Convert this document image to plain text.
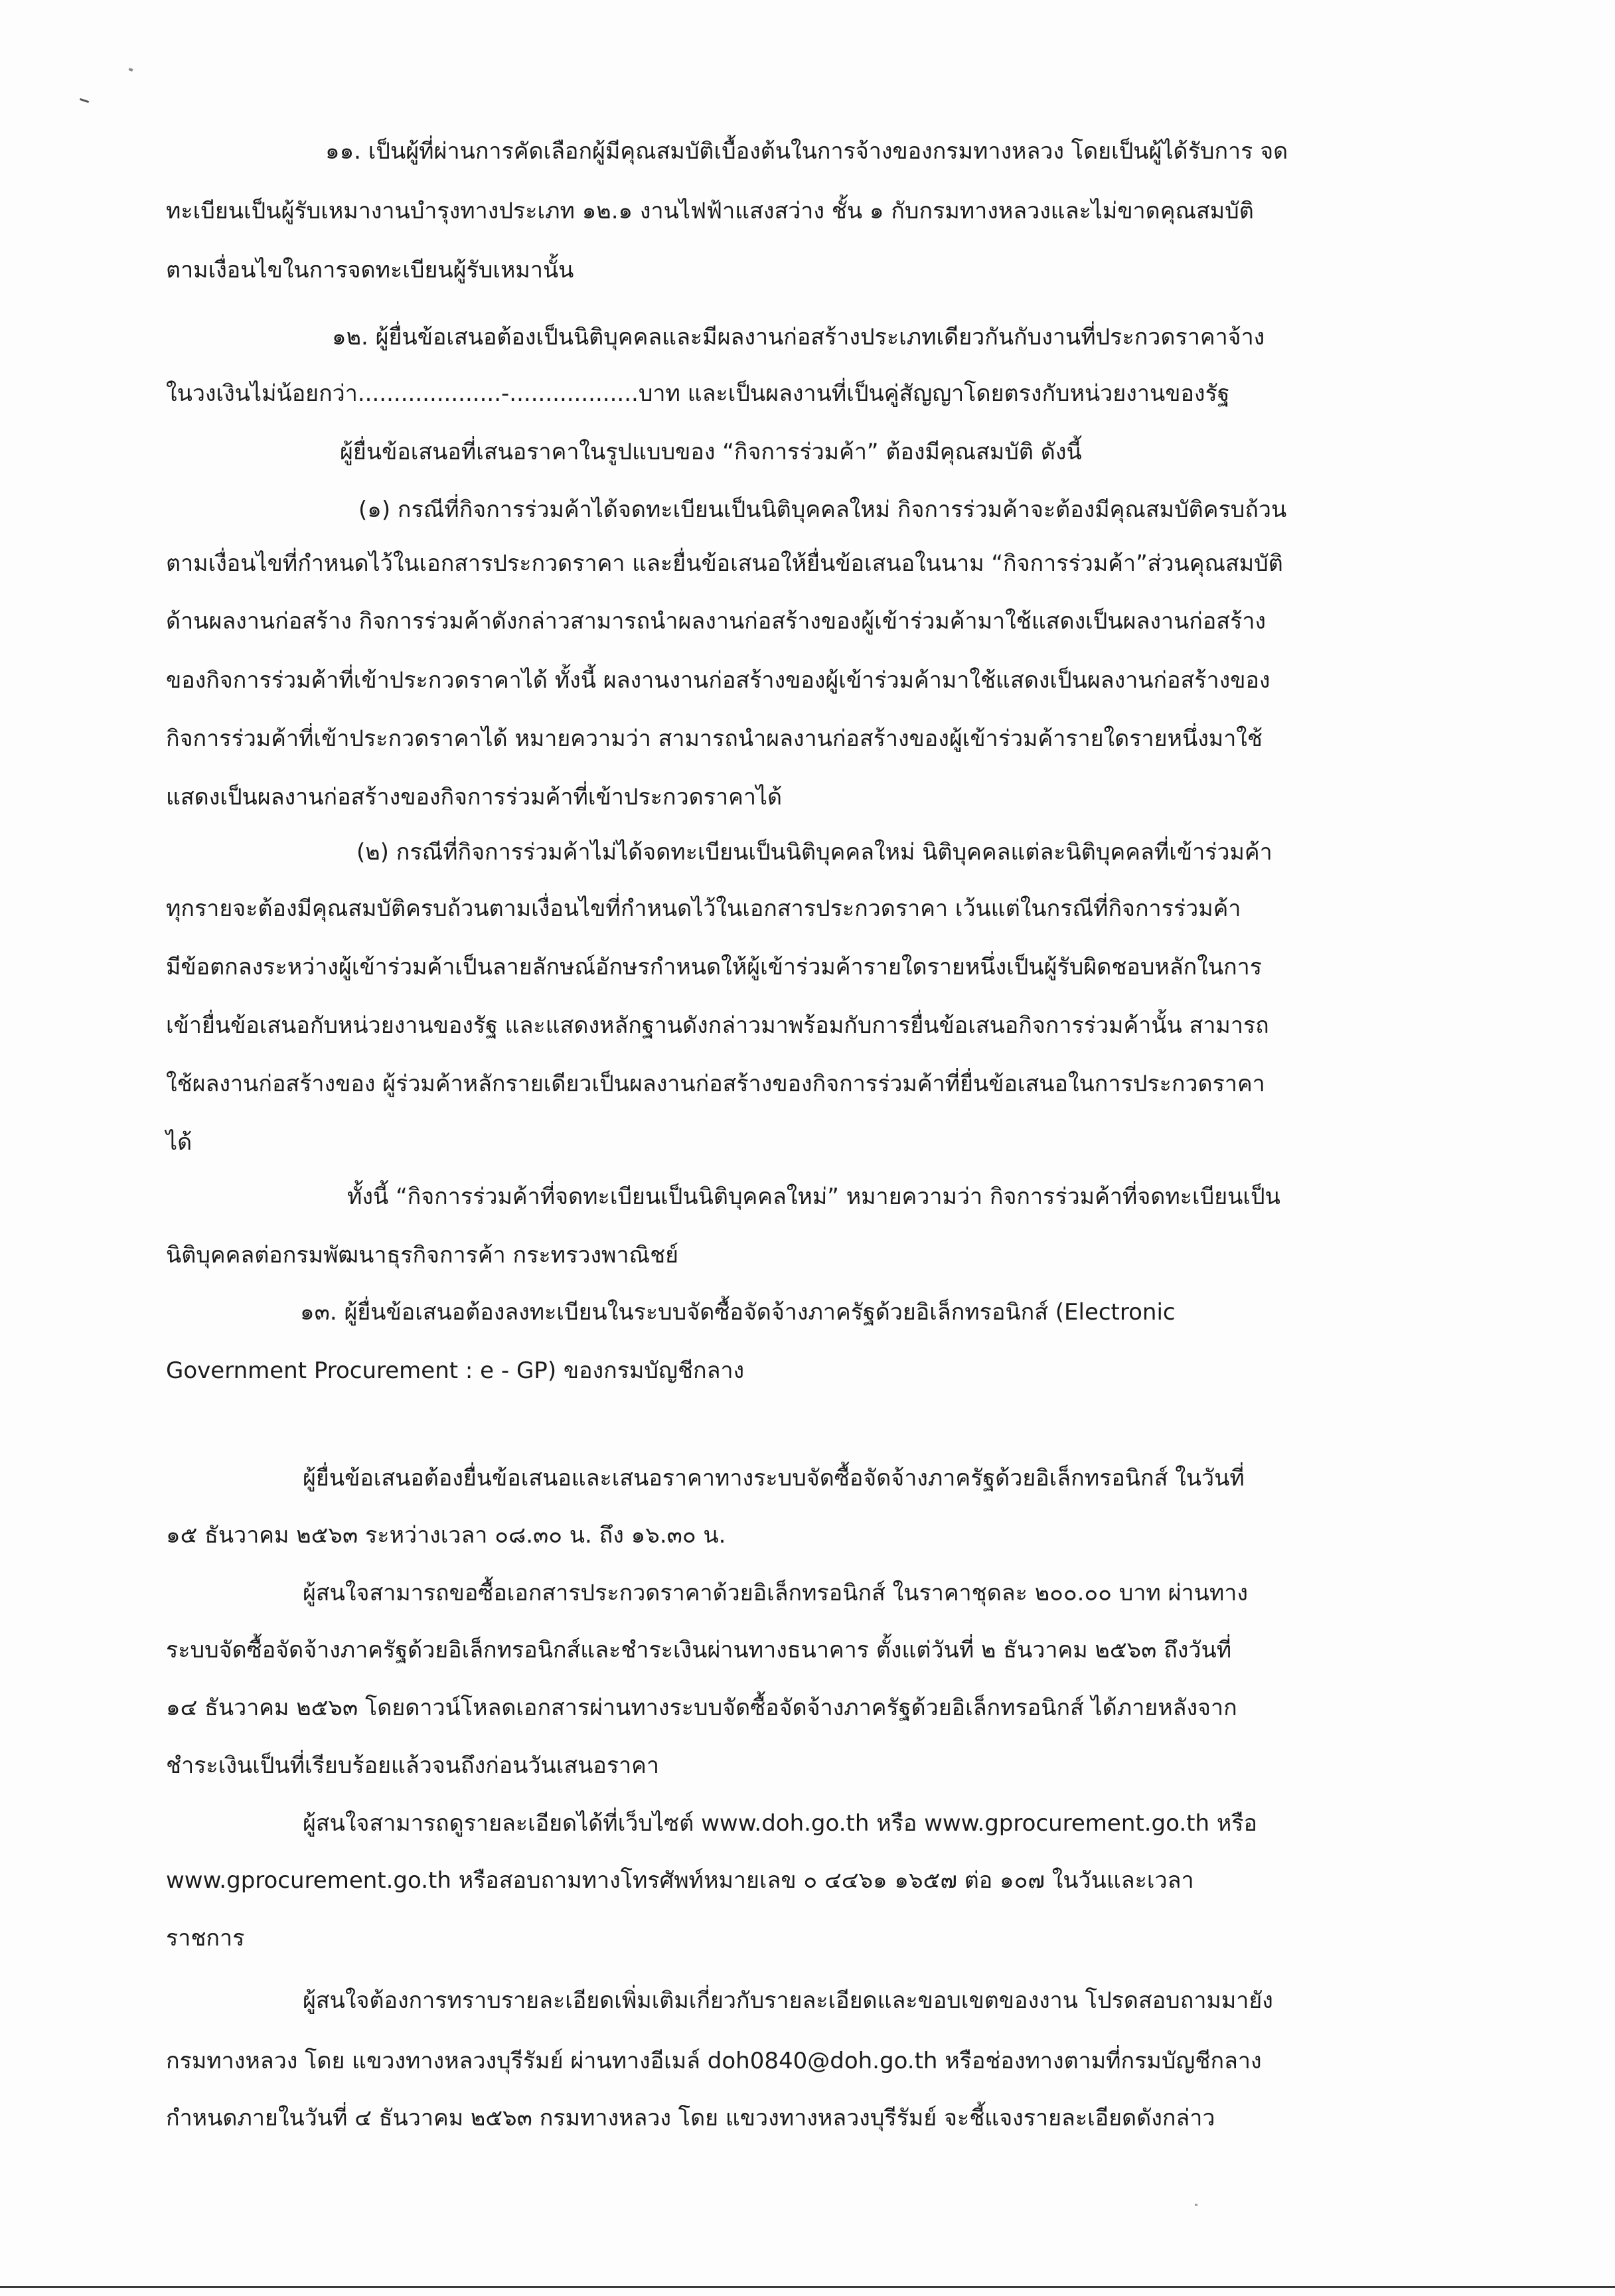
๑๑. เป็นผู้ที่ผ่านการคัดเลือกผู้มีคุณสมบัติเบื้องต้นในการจ้างของกรมทางหลวง โดยเป็นผู้ได้รับการ จด
ทะเบียนเป็นผู้รับเหมางานบำรุงทางประเภท ๑๒.๑ งานไฟฟ้าแสงสว่าง ชั้น ๑ กับกรมทางหลวงและไม่ขาดคุณสมบัติ
ตามเงื่อนไขในการจดทะเบียนผู้รับเหมานั้น
๑๒. ผู้ยื่นข้อเสนอต้องเป็นนิติบุคคลและมีผลงานก่อสร้างประเภทเดียวกันกับงานที่ประกวดราคาจ้าง
ในวงเงินไม่น้อยกว่า....................-..................บาท และเป็นผลงานที่เป็นคู่สัญญาโดยตรงกับหน่วยงานของรัฐ
ผู้ยื่นข้อเสนอที่เสนอราคาในรูปแบบของ “กิจการร่วมค้า” ต้องมีคุณสมบัติ ดังนี้
(๑) กรณีที่กิจการร่วมค้าได้จดทะเบียนเป็นนิติบุคคลใหม่ กิจการร่วมค้าจะต้องมีคุณสมบัติครบถ้วน
ตามเงื่อนไขที่กำหนดไว้ในเอกสารประกวดราคา และยื่นข้อเสนอให้ยื่นข้อเสนอในนาม “กิจการร่วมค้า”ส่วนคุณสมบัติ
ด้านผลงานก่อสร้าง กิจการร่วมค้าดังกล่าวสามารถนำผลงานก่อสร้างของผู้เข้าร่วมค้ามาใช้แสดงเป็นผลงานก่อสร้าง
ของกิจการร่วมค้าที่เข้าประกวดราคาได้ ทั้งนี้ ผลงานงานก่อสร้างของผู้เข้าร่วมค้ามาใช้แสดงเป็นผลงานก่อสร้างของ
กิจการร่วมค้าที่เข้าประกวดราคาได้ หมายความว่า สามารถนำผลงานก่อสร้างของผู้เข้าร่วมค้ารายใดรายหนึ่งมาใช้
แสดงเป็นผลงานก่อสร้างของกิจการร่วมค้าที่เข้าประกวดราคาได้
(๒) กรณีที่กิจการร่วมค้าไม่ได้จดทะเบียนเป็นนิติบุคคลใหม่ นิติบุคคลแต่ละนิติบุคคลที่เข้าร่วมค้า
ทุกรายจะต้องมีคุณสมบัติครบถ้วนตามเงื่อนไขที่กำหนดไว้ในเอกสารประกวดราคา เว้นแต่ในกรณีที่กิจการร่วมค้า
มีข้อตกลงระหว่างผู้เข้าร่วมค้าเป็นลายลักษณ์อักษรกำหนดให้ผู้เข้าร่วมค้ารายใดรายหนึ่งเป็นผู้รับผิดชอบหลักในการ
เข้ายื่นข้อเสนอกับหน่วยงานของรัฐ และแสดงหลักฐานดังกล่าวมาพร้อมกับการยื่นข้อเสนอกิจการร่วมค้านั้น สามารถ
ใช้ผลงานก่อสร้างของ ผู้ร่วมค้าหลักรายเดียวเป็นผลงานก่อสร้างของกิจการร่วมค้าที่ยื่นข้อเสนอในการประกวดราคา
ได้
ทั้งนี้ “กิจการร่วมค้าที่จดทะเบียนเป็นนิติบุคคลใหม่” หมายความว่า กิจการร่วมค้าที่จดทะเบียนเป็น
นิติบุคคลต่อกรมพัฒนาธุรกิจการค้า กระทรวงพาณิชย์
๑๓. ผู้ยื่นข้อเสนอต้องลงทะเบียนในระบบจัดซื้อจัดจ้างภาครัฐด้วยอิเล็กทรอนิกส์ (Electronic
Government Procurement : e - GP) ของกรมบัญชีกลาง
ผู้ยื่นข้อเสนอต้องยื่นข้อเสนอและเสนอราคาทางระบบจัดซื้อจัดจ้างภาครัฐด้วยอิเล็กทรอนิกส์ ในวันที่
๑๕ ธันวาคม ๒๕๖๓ ระหว่างเวลา ๐๘.๓๐ น. ถึง ๑๖.๓๐ น.
ผู้สนใจสามารถขอซื้อเอกสารประกวดราคาด้วยอิเล็กทรอนิกส์ ในราคาชุดละ ๒๐๐.๐๐ บาท ผ่านทาง
ระบบจัดซื้อจัดจ้างภาครัฐด้วยอิเล็กทรอนิกส์และชำระเงินผ่านทางธนาคาร ตั้งแต่วันที่ ๒ ธันวาคม ๒๕๖๓ ถึงวันที่
๑๔ ธันวาคม ๒๕๖๓ โดยดาวน์โหลดเอกสารผ่านทางระบบจัดซื้อจัดจ้างภาครัฐด้วยอิเล็กทรอนิกส์ ได้ภายหลังจาก
ชำระเงินเป็นที่เรียบร้อยแล้วจนถึงก่อนวันเสนอราคา
ผู้สนใจสามารถดูรายละเอียดได้ที่เว็บไซต์ www.doh.go.th หรือ www.gprocurement.go.th หรือ
www.gprocurement.go.th หรือสอบถามทางโทรศัพท์หมายเลข ๐ ๔๔๖๑ ๑๖๕๗ ต่อ ๑๐๗ ในวันและเวลา
ราชการ
ผู้สนใจต้องการทราบรายละเอียดเพิ่มเติมเกี่ยวกับรายละเอียดและขอบเขตของงาน โปรดสอบถามมายัง
กรมทางหลวง โดย แขวงทางหลวงบุรีรัมย์ ผ่านทางอีเมล์ doh0840@doh.go.th หรือช่องทางตามที่กรมบัญชีกลาง
กำหนดภายในวันที่ ๔ ธันวาคม ๒๕๖๓ กรมทางหลวง โดย แขวงทางหลวงบุรีรัมย์ จะชี้แจงรายละเอียดดังกล่าว
